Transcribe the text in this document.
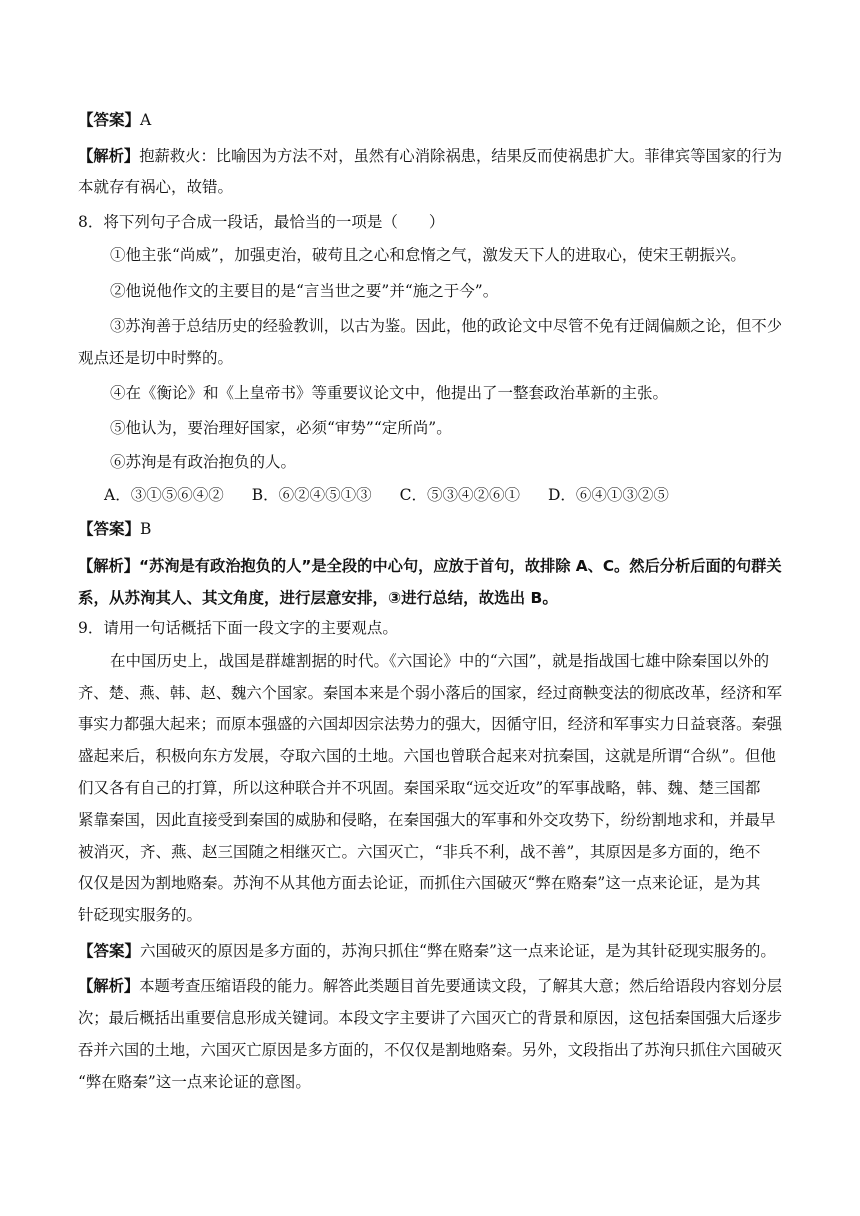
【答案】A
【解析】抱薪救火：比喻因为方法不对，虽然有心消除祸患，结果反而使祸患扩大。菲律宾等国家的行为
本就存有祸心，故错。
8．将下列句子合成一段话，最恰当的一项是（　　）
①他主张“尚威”，加强吏治，破苟且之心和怠惰之气，激发天下人的进取心，使宋王朝振兴。
②他说他作文的主要目的是“言当世之要”并“施之于今”。
③苏洵善于总结历史的经验教训，以古为鉴。因此，他的政论文中尽管不免有迂阔偏颇之论，但不少
观点还是切中时弊的。
④在《衡论》和《上皇帝书》等重要议论文中，他提出了一整套政治革新的主张。
⑤他认为，要治理好国家，必须“审势”“定所尚”。
⑥苏洵是有政治抱负的人。
A．③①⑤⑥④② B．⑥②④⑤①③ C．⑤③④②⑥① D．⑥④①③②⑤
【答案】B
【解析】“苏洵是有政治抱负的人”是全段的中心句，应放于首句，故排除 A、C。然后分析后面的句群关
系，从苏洵其人、其文角度，进行层意安排，③进行总结，故选出 B。
9．请用一句话概括下面一段文字的主要观点。
在中国历史上，战国是群雄割据的时代。《六国论》中的“六国”，就是指战国七雄中除秦国以外的
齐、楚、燕、韩、赵、魏六个国家。秦国本来是个弱小落后的国家，经过商鞅变法的彻底改革，经济和军
事实力都强大起来；而原本强盛的六国却因宗法势力的强大，因循守旧，经济和军事实力日益衰落。秦强
盛起来后，积极向东方发展，夺取六国的土地。六国也曾联合起来对抗秦国，这就是所谓“合纵”。但他
们又各有自己的打算，所以这种联合并不巩固。秦国采取“远交近攻”的军事战略，韩、魏、楚三国都
紧靠秦国，因此直接受到秦国的威胁和侵略，在秦国强大的军事和外交攻势下，纷纷割地求和，并最早
被消灭，齐、燕、赵三国随之相继灭亡。六国灭亡，“非兵不利，战不善”，其原因是多方面的，绝不
仅仅是因为割地赂秦。苏洵不从其他方面去论证，而抓住六国破灭“弊在赂秦”这一点来论证，是为其
针砭现实服务的。
【答案】六国破灭的原因是多方面的，苏洵只抓住“弊在赂秦”这一点来论证，是为其针砭现实服务的。
【解析】本题考查压缩语段的能力。解答此类题目首先要通读文段，了解其大意；然后给语段内容划分层
次；最后概括出重要信息形成关键词。本段文字主要讲了六国灭亡的背景和原因，这包括秦国强大后逐步
吞并六国的土地，六国灭亡原因是多方面的，不仅仅是割地赂秦。另外，文段指出了苏洵只抓住六国破灭
“弊在赂秦”这一点来论证的意图。
